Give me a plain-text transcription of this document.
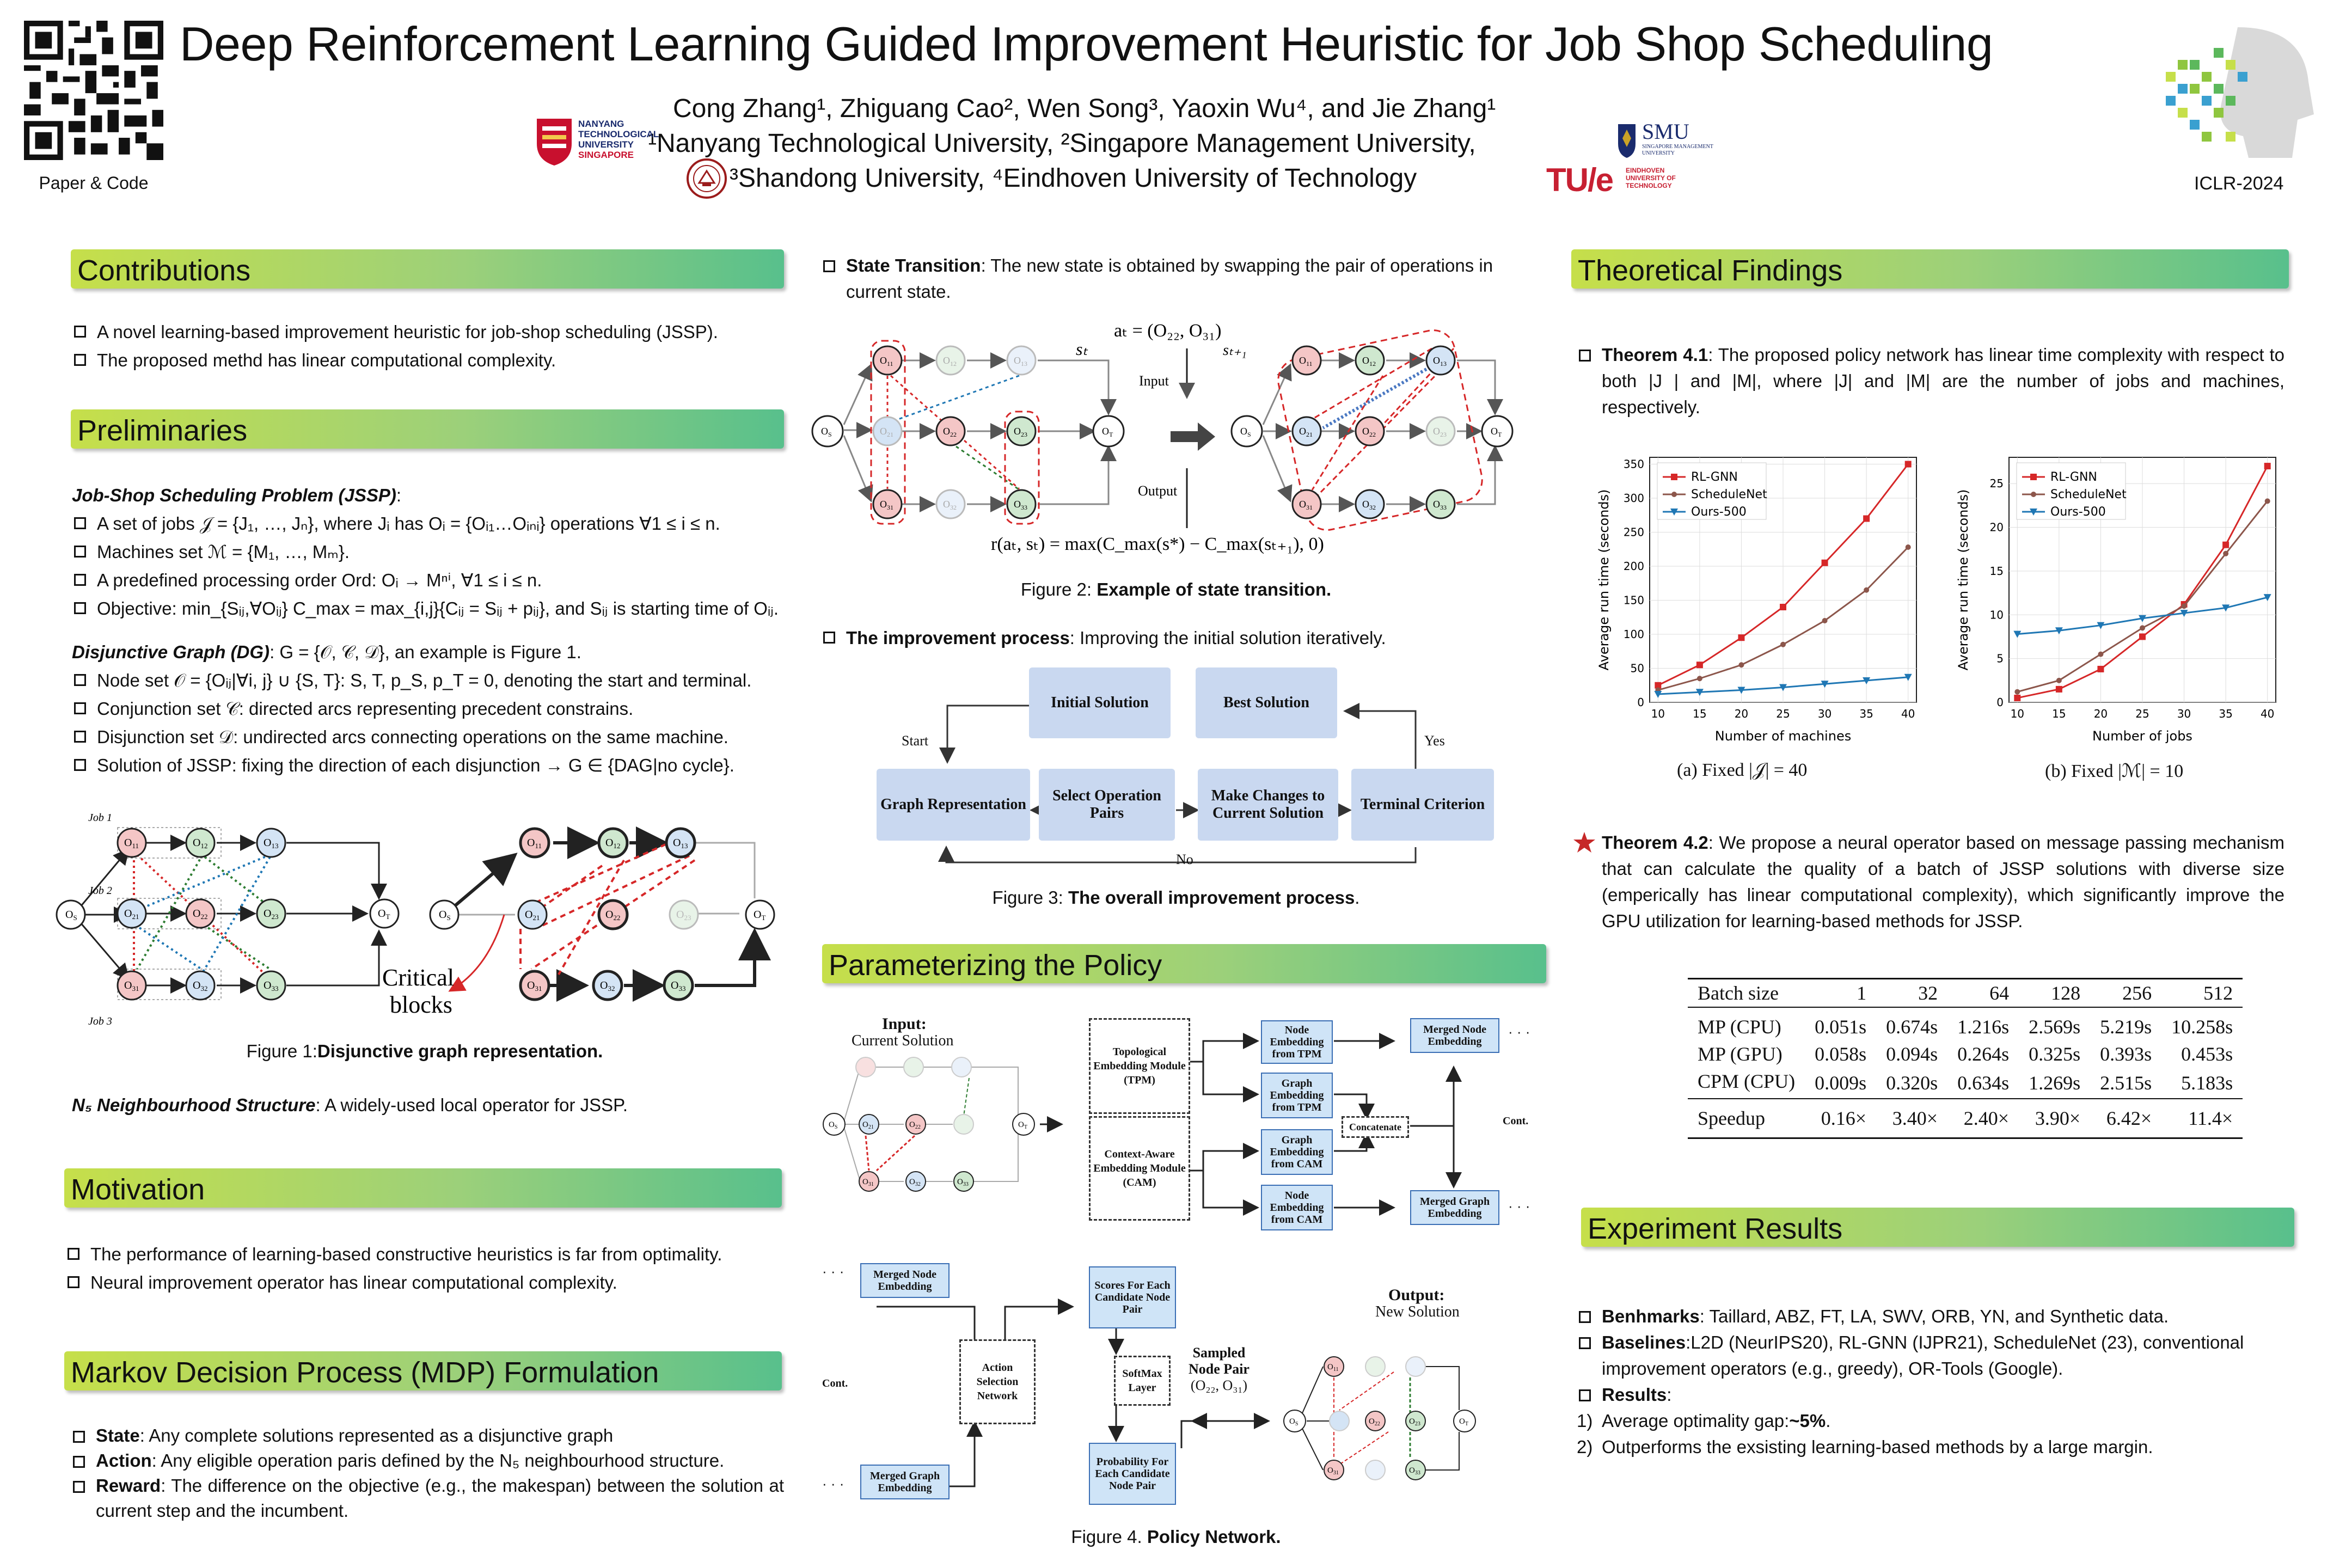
Paper & Code
Deep Reinforcement Learning Guided Improvement Heuristic for Job Shop Scheduling
Cong Zhang¹, Zhiguang Cao², Wen Song³, Yaoxin Wu⁴, and Jie Zhang¹
¹Nanyang Technological University, ²Singapore Management University,
³Shandong University, ⁴Eindhoven University of Technology
NANYANG
TECHNOLOGICAL
UNIVERSITY
SINGAPORE
SMU
SINGAPORE MANAGEMENT
UNIVERSITY
TU/e EINDHOVEN
UNIVERSITY OF
TECHNOLOGY	ICLR-2024
Contributions
A novel learning-based improvement heuristic for job-shop scheduling (JSSP).
The proposed methd has linear computational complexity.
Preliminaries
Job-Shop Scheduling Problem (JSSP):
A set of jobs 𝒥 = {J₁, …, Jₙ}, where Jᵢ has Oᵢ = {Oᵢ₁…Oᵢₙᵢ} operations ∀1 ≤ i ≤ n.
Machines set ℳ = {M₁, …, Mₘ}.
A predefined processing order Ord: Oᵢ → Mⁿⁱ, ∀1 ≤ i ≤ n.
Objective: min_{Sᵢⱼ,∀Oᵢⱼ} C_max = max_{i,j}{Cᵢⱼ = Sᵢⱼ + pᵢⱼ}, and Sᵢⱼ is starting time of Oᵢⱼ.
Disjunctive Graph (DG): G = {𝒪, 𝒞, 𝒟}, an example is Figure 1.
Node set 𝒪 = {Oᵢⱼ|∀i, j} ∪ {S, T}: S, T, p_S, p_T = 0, denoting the start and terminal.
Conjunction set 𝒞: directed arcs representing precedent constrains.
Disjunction set 𝒟: undirected arcs connecting operations on the same machine.
Solution of JSSP: fixing the direction of each disjunction → G ∈ {DAG|no cycle}.
$O_S$
$O_{11}$	$O_{12}$	$O_{13}$
$O_{21}$	$O_{22}$	$O_{23}$
$O_{31}$	$O_{32}$	$O_{33}$
$O_T$
Job 1
Job 2
Job 3
$O_S$
$O_{11}$	$O_{12}$	$O_{13}$
$O_{21}$	$O_{22}$	$O_{23}$
$O_{31}$	$O_{32}$	$O_{33}$
$O_T$
Critical
blocks
Figure 1:Disjunctive graph representation.
N₅ Neighbourhood Structure: A widely-used local operator for JSSP.
Motivation
The performance of learning-based constructive heuristics is far from optimality.
Neural improvement operator has linear computational complexity.
Markov Decision Process (MDP) Formulation
State: Any complete solutions represented as a disjunctive graph
Action: Any eligible operation paris defined by the N₅ neighbourhood structure.
Reward: The difference on the objective (e.g., the makespan) between the solution at current step and the incumbent.
State Transition: The new state is obtained by swapping the pair of operations in current state.
$O_S$
$O_{11}$	$O_{12}$	$O_{13}$
$O_{21}$	$O_{22}$	$O_{23}$
$O_{31}$	$O_{32}$	$O_{33}$
$O_T$
sₜ
aₜ = (O₂₂, O₃₁)
Input
Output
r(aₜ, sₜ) = max(C_max(s*) − C_max(sₜ₊₁), 0)
$O_S$
$O_{11}$	$O_{12}$	$O_{13}$
$O_{21}$	$O_{22}$	$O_{23}$
$O_{31}$	$O_{32}$	$O_{33}$
$O_T$
sₜ₊₁
Figure 2: Example of state transition.
The improvement process: Improving the initial solution iteratively.
Initial Solution	Best Solution
Graph Representation
Select Operation Pairs
Make Changes to Current Solution
Terminal Criterion
Start	Yes
No
Figure 3: The overall improvement process.
Parameterizing the Policy
$O_S$	$O_{21}$	$O_{22}$
$O_{31}$	$O_{32}$	$O_{33}$
$O_T$
$O_S$
$O_{11}$
$O_{22}$	$O_{23}$
$O_{31}$	$O_{33}$
$O_T$
Input:
Current Solution
Topological Embedding Module (TPM)
Context-Aware Embedding Module (CAM)
Node Embedding from TPM
Graph Embedding from TPM
Graph Embedding from CAM
Node Embedding from CAM
Concatenate
Merged Node Embedding
Merged Graph Embedding
· · ·
· · ·
Cont.
· · ·
· · ·
Merged Node Embedding
Merged Graph Embedding
Cont.
Action Selection Network
Scores For Each Candidate Node Pair
SoftMax Layer
Probability For Each Candidate Node Pair
Sampled Node Pair
(O₂₂, O₃₁)
Output:
New Solution
Figure 4. Policy Network.
Theoretical Findings
Theorem 4.1: The proposed policy network has linear time complexity with respect to both |J | and |M|, where |J| and |M| are the number of jobs and machines, respectively.
0
50
100
150
200
250
300
350
10	15	20	25	30	35	40
Number of machines
Average run time (seconds)
RL-GNN
ScheduleNet
Ours-500
0
5
10
15
20
25
10	15	20	25	30	35	40
Number of jobs
Average run time (seconds)
RL-GNN
ScheduleNet
Ours-500
(a) Fixed |𝒥| = 40	(b) Fixed |ℳ| = 10
Theorem 4.2: We propose a neural operator based on message passing mechanism that can calculate the quality of a batch of JSSP solutions with diverse size (emperically has linear computational complexity), which significantly improve the GPU utilization for learning-based methods for JSSP.
Batch size	1	32	64	128	256	512
MP (CPU)	0.051s	0.674s	1.216s	2.569s	5.219s	10.258s
MP (GPU)	0.058s	0.094s	0.264s	0.325s	0.393s	0.453s
CPM (CPU)	0.009s	0.320s	0.634s	1.269s	2.515s	5.183s
Speedup	0.16×	3.40×	2.40×	3.90×	6.42×	11.4×
Experiment Results
Benhmarks: Taillard, ABZ, FT, LA, SWV, ORB, YN, and Synthetic data.
Baselines:L2D (NeurIPS20), RL-GNN (IJPR21), ScheduleNet (23), conventional improvement operators (e.g., greedy), OR-Tools (Google).
Results:
1) Average optimality gap: ~5% .
2) Outperforms the exsisting learning-based methods by a large margin.
